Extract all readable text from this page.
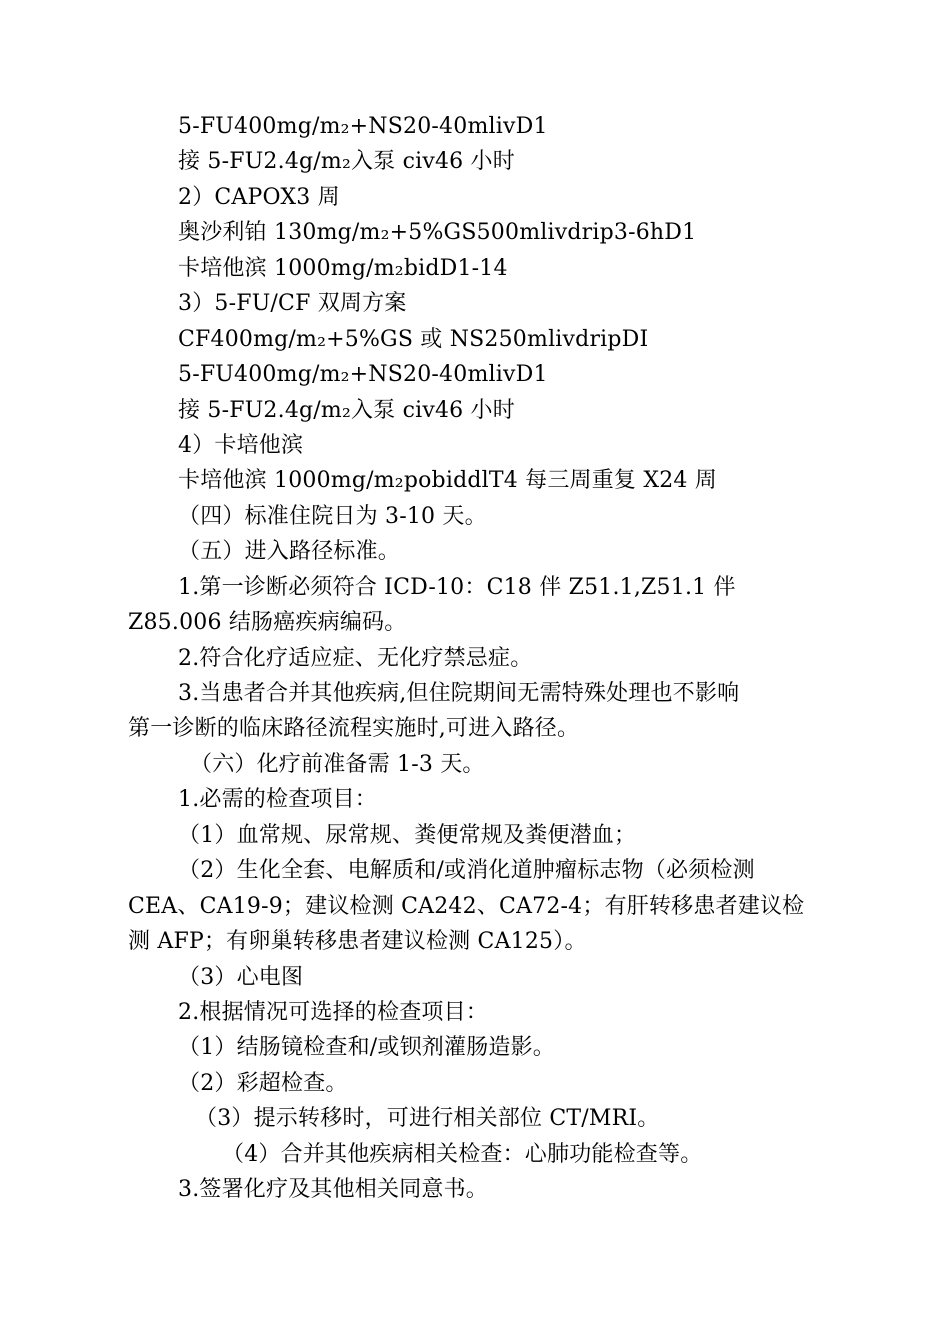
5-FU400mg/m₂+NS20-40mlivD1
接 5-FU2.4g/m₂入泵 civ46 小时
2）CAPOX3 周
奥沙利铂 130mg/m₂+5%GS500mlivdrip3-6hD1
卡培他滨 1000mg/m₂bidD1-14
3）5-FU/CF 双周方案
CF400mg/m₂+5%GS 或 NS250mlivdripDI
5-FU400mg/m₂+NS20-40mlivD1
接 5-FU2.4g/m₂入泵 civ46 小时
4）卡培他滨
卡培他滨 1000mg/m₂pobiddlT4 每三周重复 X24 周
（四）标准住院日为 3-10 天。
（五）进入路径标准。
1.第一诊断必须符合 ICD-10：C18 伴 Z51.1,Z51.1 伴
Z85.006 结肠癌疾病编码。
2.符合化疗适应症、无化疗禁忌症。
3.当患者合并其他疾病,但住院期间无需特殊处理也不影响
第一诊断的临床路径流程实施时,可进入路径。
（六）化疗前准备需 1-3 天。
1.必需的检查项目：
（1）血常规、尿常规、粪便常规及粪便潜血；
（2）生化全套、电解质和/或消化道肿瘤标志物（必须检测
CEA、CA19-9；建议检测 CA242、CA72-4；有肝转移患者建议检
测 AFP；有卵巢转移患者建议检测 CA125）。
（3）心电图
2.根据情况可选择的检查项目：
（1）结肠镜检查和/或钡剂灌肠造影。
（2）彩超检查。
（3）提示转移时，可进行相关部位 CT/MRI。
（4）合并其他疾病相关检查：心肺功能检查等。
3.签署化疗及其他相关同意书。
